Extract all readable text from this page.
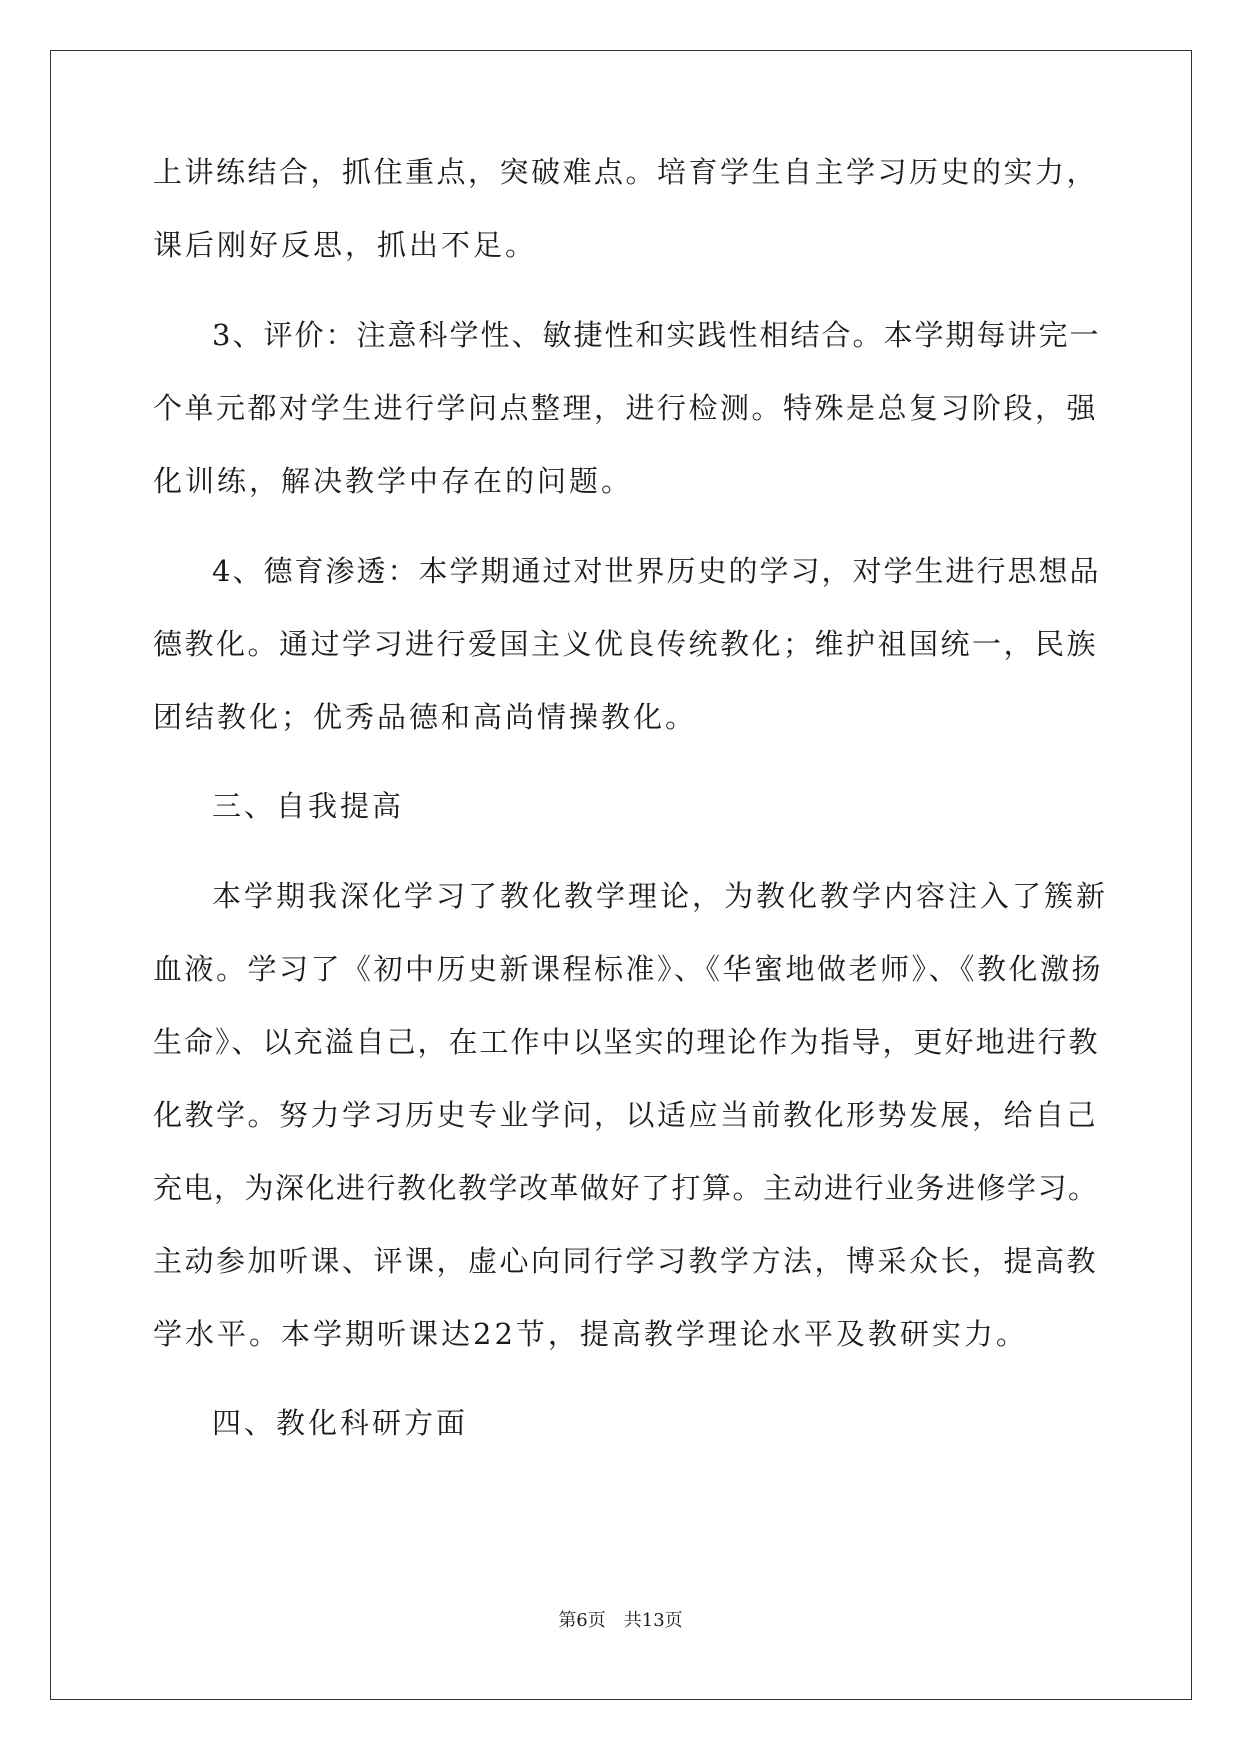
上讲练结合，抓住重点，突破难点。培育学生自主学习历史的实力，
课后刚好反思，抓出不足。
3、评价：注意科学性、敏捷性和实践性相结合。本学期每讲完一
个单元都对学生进行学问点整理，进行检测。特殊是总复习阶段，强
化训练，解决教学中存在的问题。
4、德育渗透：本学期通过对世界历史的学习，对学生进行思想品
德教化。通过学习进行爱国主义优良传统教化；维护祖国统一，民族
团结教化；优秀品德和高尚情操教化。
三、自我提高
本学期我深化学习了教化教学理论，为教化教学内容注入了簇新
血液。学习了《初中历史新课程标准》、《华蜜地做老师》、《教化激扬
生命》、以充溢自己，在工作中以坚实的理论作为指导，更好地进行教
化教学。努力学习历史专业学问，以适应当前教化形势发展，给自己
充电，为深化进行教化教学改革做好了打算。主动进行业务进修学习。
主动参加听课、评课，虚心向同行学习教学方法，博采众长，提高教
学水平。本学期听课达22节，提高教学理论水平及教研实力。
四、教化科研方面
第6页　共13页
